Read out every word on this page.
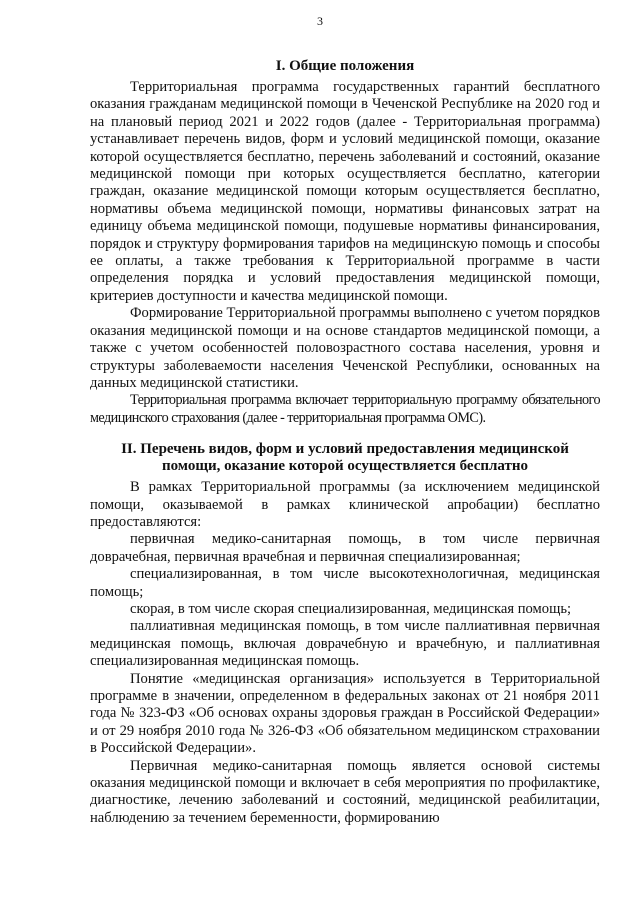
3

I. Общие положения

Территориальная программа государственных гарантий бесплатного оказания гражданам медицинской помощи в Чеченской Республике на 2020 год и на плановый период 2021 и 2022 годов (далее - Территориальная программа) устанавливает перечень видов, форм и условий медицинской помощи, оказание которой осуществляется бесплатно, перечень заболеваний и состояний, оказание медицинской помощи при которых осуществляется бесплатно, категории граждан, оказание медицинской помощи которым осуществляется бесплатно, нормативы объема медицинской помощи, нормативы финансовых затрат на единицу объема медицинской помощи, подушевые нормативы финансирования, порядок и структуру формирования тарифов на медицинскую помощь и способы ее оплаты, а также требования к Территориальной программе в части определения порядка и условий предоставления медицинской помощи, критериев доступности и качества медицинской помощи.

Формирование Территориальной программы выполнено с учетом порядков оказания медицинской помощи и на основе стандартов медицинской помощи, а также с учетом особенностей половозрастного состава населения, уровня и структуры заболеваемости населения Чеченской Республики, основанных на данных медицинской статистики.

Территориальная программа включает территориальную программу обязательного медицинского страхования (далее - территориальная программа ОМС).

II. Перечень видов, форм и условий предоставления медицинской
помощи, оказание которой осуществляется бесплатно

В рамках Территориальной программы (за исключением медицинской помощи, оказываемой в рамках клинической апробации) бесплатно предоставляются:

первичная медико-санитарная помощь, в том числе первичная доврачебная, первичная врачебная и первичная специализированная;

специализированная, в том числе высокотехнологичная, медицинская помощь;

скорая, в том числе скорая специализированная, медицинская помощь;

паллиативная медицинская помощь, в том числе паллиативная первичная медицинская помощь, включая доврачебную и врачебную, и паллиативная специализированная медицинская помощь.

Понятие «медицинская организация» используется в Территориальной программе в значении, определенном в федеральных законах от 21 ноября 2011 года № 323-ФЗ «Об основах охраны здоровья граждан в Российской Федерации» и от 29 ноября 2010 года № 326-ФЗ «Об обязательном медицинском страховании в Российской Федерации».

Первичная медико-санитарная помощь является основой системы оказания медицинской помощи и включает в себя мероприятия по профилактике, диагностике, лечению заболеваний и состояний, медицинской реабилитации, наблюдению за течением беременности, формированию
